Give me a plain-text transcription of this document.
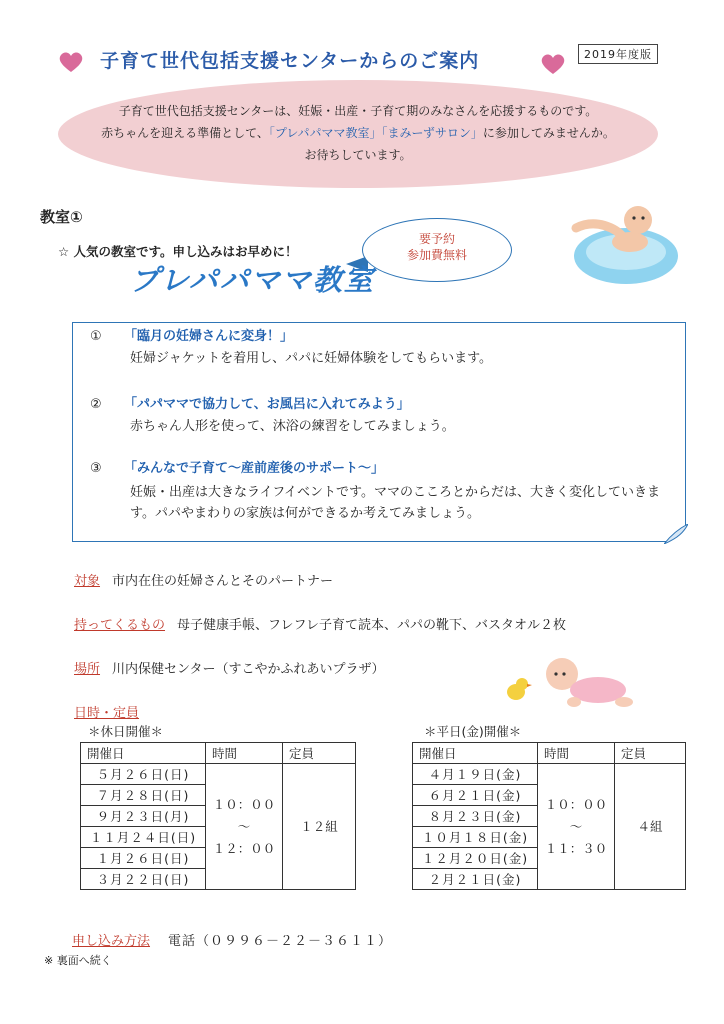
子育て世代包括支援センターからのご案内	2019年度版
子育て世代包括支援センターは、妊娠・出産・子育て期のみなさんを応援するものです。
赤ちゃんを迎える準備として、「プレパパママ教室」「まみーずサロン」に参加してみませんか。
お待ちしています。
教室①
☆ 人気の教室です。申し込みはお早めに！
要予約
参加費無料
プレパパママ教室
① 「臨月の妊婦さんに変身！」
妊婦ジャケットを着用し、パパに妊婦体験をしてもらいます。
② 「パパママで協力して、お風呂に入れてみよう」
赤ちゃん人形を使って、沐浴の練習をしてみましょう。
③ 「みんなで子育て～産前産後のサポート～」
妊娠・出産は大きなライフイベントです。ママのこころとからだは、大きく変化していきます。パパやまわりの家族は何ができるか考えてみましょう。
対象 市内在住の妊婦さんとそのパートナー
持ってくるもの 母子健康手帳、フレフレ子育て読本、パパの靴下、バスタオル２枚
場所 川内保健センター（すこやかふれあいプラザ）
日時・定員
＊休日開催＊
開催日	時間	定員
５月２６日(日)	１０：００
～
１２：００	１２組
７月２８日(日)		
９月２３日(月)		
１１月２４日(日)		
１月２６日(日)		
３月２２日(日)		
＊平日(金)開催＊
開催日	時間	定員
４月１９日(金)	１０：００
～
１１：３０	４組
６月２１日(金)		
８月２３日(金)		
１０月１８日(金)		
１２月２０日(金)		
２月２１日(金)		
申し込み方法 電話（０９９６－２２－３６１１）
※ 裏面へ続く
